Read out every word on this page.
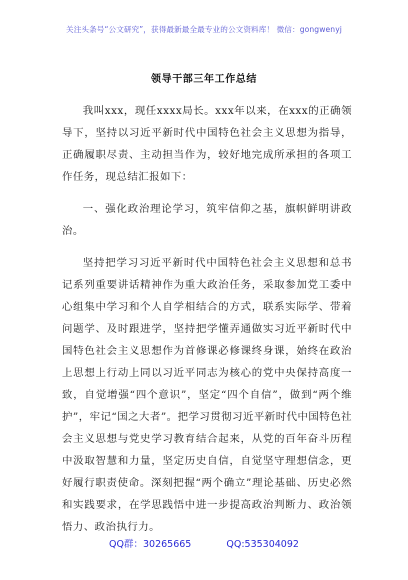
关注头条号“公文研究”，获得最新最全最专业的公文资料库！ 微信：gongwenyj
领导干部三年工作总结

我叫xxx，现任xxxx局长。xxx年以来，在xxx的正确领导下，坚持以习近平新时代中国特色社会主义思想为指导，正确履职尽责、主动担当作为，较好地完成所承担的各项工作任务，现总结汇报如下：

一、强化政治理论学习，筑牢信仰之基，旗帜鲜明讲政治。

坚持把学习习近平新时代中国特色社会主义思想和总书记系列重要讲话精神作为重大政治任务，采取参加党工委中心组集中学习和个人自学相结合的方式，联系实际学、带着问题学、及时跟进学，坚持把学懂弄通做实习近平新时代中国特色社会主义思想作为首修课必修课终身课，始终在政治上思想上行动上同以习近平同志为核心的党中央保持高度一致，自觉增强“四个意识”，坚定“四个自信”，做到“两个维护”，牢记“国之大者”。把学习贯彻习近平新时代中国特色社会主义思想与党史学习教育结合起来，从党的百年奋斗历程中汲取智慧和力量，坚定历史自信，自觉坚守理想信念，更好履行职责使命。深刻把握“两个确立”理论基础、历史必然和实践要求，在学思践悟中进一步提高政治判断力、政治领悟力、政治执行力。

QQ群：30265665	QQ:535304092
